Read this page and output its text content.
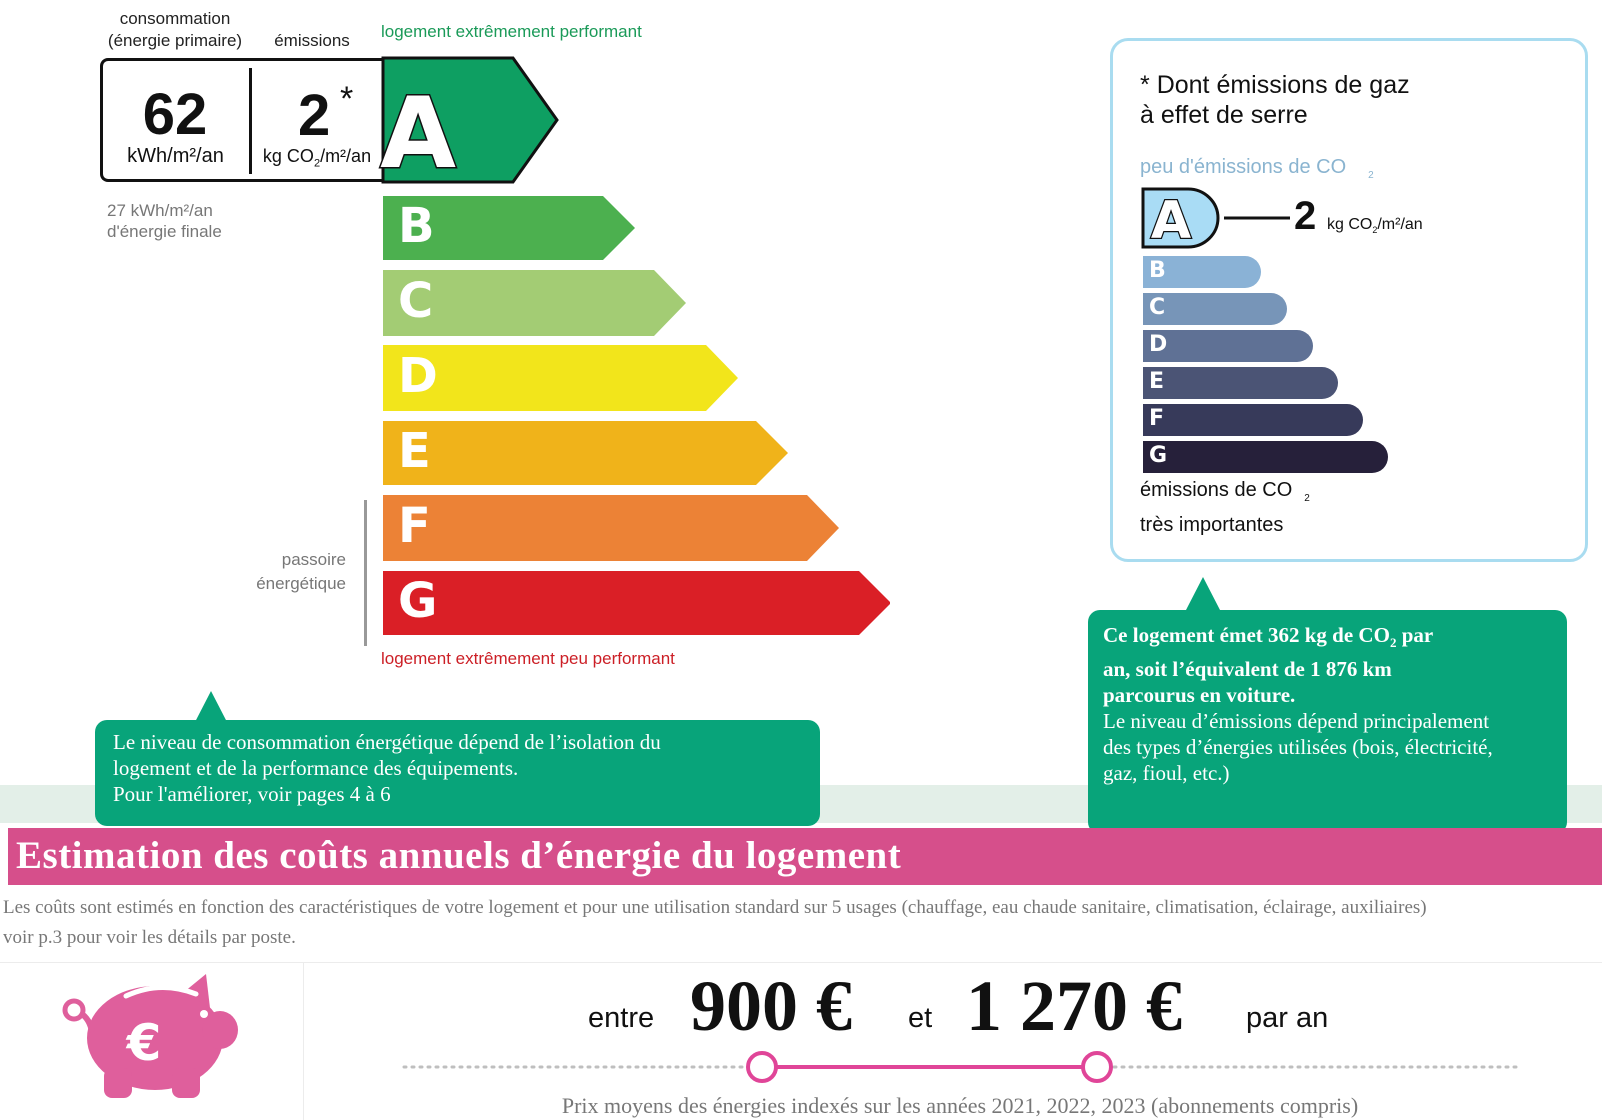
consommation
(énergie primaire)	émissions	logement extrêmement performant
62
kWh/m²/an
2 *
kg $CO_2/m^2/an$ A
B
C
D
E
F
G
27 kWh/m²/an
d'énergie finale
passoire
énergétique
logement extrêmement peu performant
* Dont émissions de gaz
à effet de serre
peu d'émissions de CO $_2$
A	2 kg $CO_2/m^2/an$
B
C
D
E
F
G
émissions de CO $_2$
très importantes
Le niveau de consommation énergétique dépend de l’isolation du
logement et de la performance des équipements.
Pour l'améliorer, voir pages 4 à 6
Ce logement émet 362 kg de $CO_2$ par
an, soit l’équivalent de 1 876 km
parcourus en voiture.
Le niveau d’émissions dépend principalement
des types d’énergies utilisées (bois, électricité,
gaz, fioul, etc.)
Estimation des coûts annuels d’énergie du logement
Les coûts sont estimés en fonction des caractéristiques de votre logement et pour une utilisation standard sur 5 usages (chauffage, eau chaude sanitaire, climatisation, éclairage, auxiliaires)
voir p.3 pour voir les détails par poste.
€	entre 900 € et 1 270 € par an
Prix moyens des énergies indexés sur les années 2021, 2022, 2023 (abonnements compris)
